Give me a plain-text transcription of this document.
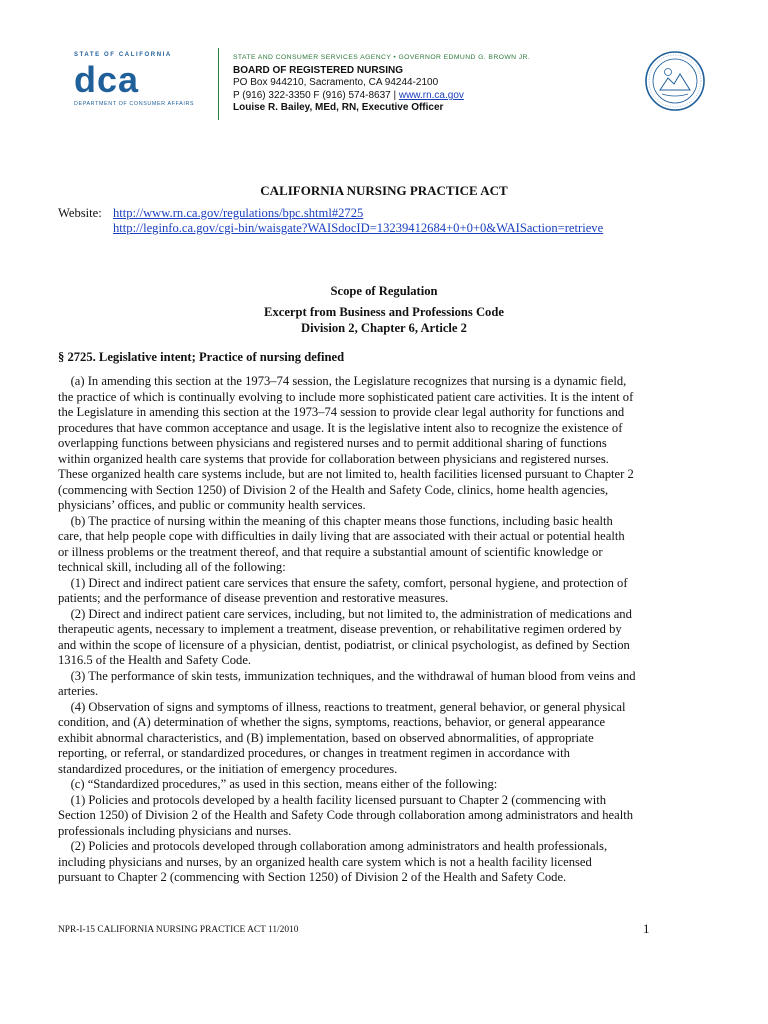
STATE OF CALIFORNIA
d c a
DEPARTMENT OF CONSUMER AFFAIRS
STATE AND CONSUMER SERVICES AGENCY • GOVERNOR EDMUND G. BROWN JR.
BOARD OF REGISTERED NURSING
PO Box 944210, Sacramento, CA 94244-2100
P (916) 322-3350 F (916) 574-8637 | www.rn.ca.gov
Louise R. Bailey, MEd, RN, Executive Officer
CALIFORNIA NURSING PRACTICE ACT
Website: http://www.rn.ca.gov/regulations/bpc.shtml#2725
http://leginfo.ca.gov/cgi-bin/waisgate?WAISdocID=13239412684+0+0+0&WAISaction=retrieve
Scope of Regulation
Excerpt from Business and Professions Code
Division 2, Chapter 6, Article 2
§ 2725. Legislative intent; Practice of nursing defined
(a) In amending this section at the 1973–74 session, the Legislature recognizes that nursing is a dynamic field,
the practice of which is continually evolving to include more sophisticated patient care activities. It is the intent of
the Legislature in amending this section at the 1973–74 session to provide clear legal authority for functions and
procedures that have common acceptance and usage. It is the legislative intent also to recognize the existence of
overlapping functions between physicians and registered nurses and to permit additional sharing of functions
within organized health care systems that provide for collaboration between physicians and registered nurses.
These organized health care systems include, but are not limited to, health facilities licensed pursuant to Chapter 2
(commencing with Section 1250) of Division 2 of the Health and Safety Code, clinics, home health agencies,
physicians’ offices, and public or community health services.
(b) The practice of nursing within the meaning of this chapter means those functions, including basic health
care, that help people cope with difficulties in daily living that are associated with their actual or potential health
or illness problems or the treatment thereof, and that require a substantial amount of scientific knowledge or
technical skill, including all of the following:
(1) Direct and indirect patient care services that ensure the safety, comfort, personal hygiene, and protection of
patients; and the performance of disease prevention and restorative measures.
(2) Direct and indirect patient care services, including, but not limited to, the administration of medications and
therapeutic agents, necessary to implement a treatment, disease prevention, or rehabilitative regimen ordered by
and within the scope of licensure of a physician, dentist, podiatrist, or clinical psychologist, as defined by Section
1316.5 of the Health and Safety Code.
(3) The performance of skin tests, immunization techniques, and the withdrawal of human blood from veins and
arteries.
(4) Observation of signs and symptoms of illness, reactions to treatment, general behavior, or general physical
condition, and (A) determination of whether the signs, symptoms, reactions, behavior, or general appearance
exhibit abnormal characteristics, and (B) implementation, based on observed abnormalities, of appropriate
reporting, or referral, or standardized procedures, or changes in treatment regimen in accordance with
standardized procedures, or the initiation of emergency procedures.
(c) “Standardized procedures,” as used in this section, means either of the following:
(1) Policies and protocols developed by a health facility licensed pursuant to Chapter 2 (commencing with
Section 1250) of Division 2 of the Health and Safety Code through collaboration among administrators and health
professionals including physicians and nurses.
(2) Policies and protocols developed through collaboration among administrators and health professionals,
including physicians and nurses, by an organized health care system which is not a health facility licensed
pursuant to Chapter 2 (commencing with Section 1250) of Division 2 of the Health and Safety Code.
NPR-I-15 CALIFORNIA NURSING PRACTICE ACT 11/2010	1
